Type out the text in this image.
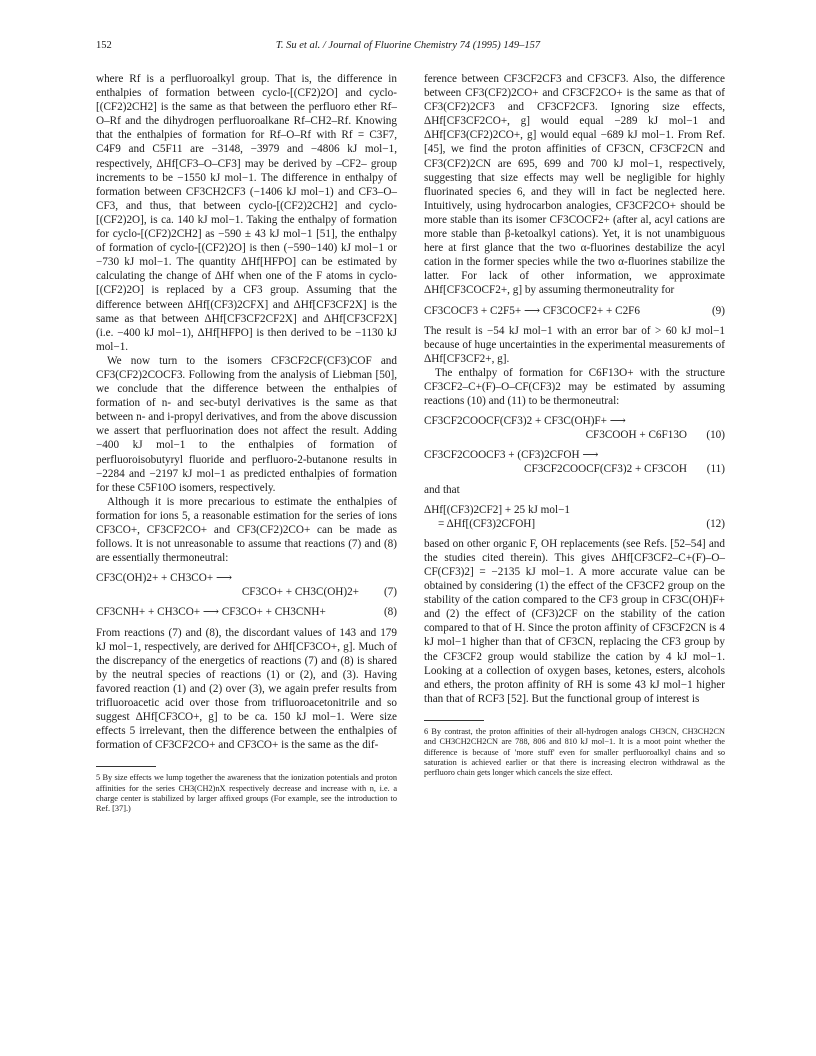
152	T. Su et al. / Journal of Fluorine Chemistry 74 (1995) 149–157

where Rf is a perfluoroalkyl group. That is, the difference in enthalpies of formation between cyclo-[(CF2)2O] and cyclo-[(CF2)2CH2] is the same as that between the perfluoro ether Rf–O–Rf and the dihydrogen perfluoroalkane Rf–CH2–Rf. Knowing that the enthalpies of formation for Rf–O–Rf with Rf = C3F7, C4F9 and C5F11 are −3148, −3979 and −4806 kJ mol−1, respectively, ΔHf[CF3–O–CF3] may be derived by –CF2– group increments to be −1550 kJ mol−1. The difference in enthalpy of formation between CF3CH2CF3 (−1406 kJ mol−1) and CF3–O–CF3, and thus, that between cyclo-[(CF2)2CH2] and cyclo-[(CF2)2O], is ca. 140 kJ mol−1. Taking the enthalpy of formation for cyclo-[(CF2)2CH2] as −590 ± 43 kJ mol−1 [51], the enthalpy of formation of cyclo-[(CF2)2O] is then (−590−140) kJ mol−1 or −730 kJ mol−1. The quantity ΔHf[HFPO] can be estimated by calculating the change of ΔHf when one of the F atoms in cyclo-[(CF2)2O] is replaced by a CF3 group. Assuming that the difference between ΔHf[(CF3)2CFX] and ΔHf[CF3CF2X] is the same as that between ΔHf[CF3CF2CF2X] and ΔHf[CF3CF2X] (i.e. −400 kJ mol−1), ΔHf[HFPO] is then derived to be −1130 kJ mol−1.

We now turn to the isomers CF3CF2CF(CF3)COF and CF3(CF2)2COCF3. Following from the analysis of Liebman [50], we conclude that the difference between the enthalpies of formation of n- and sec-butyl derivatives is the same as that between n- and i-propyl derivatives, and from the above discussion we assert that perfluorination does not affect the result. Adding −400 kJ mol−1 to the enthalpies of formation of perfluoroisobutyryl fluoride and perfluoro-2-butanone results in −2284 and −2197 kJ mol−1 as predicted enthalpies of formation for these C5F10O isomers, respectively.

Although it is more precarious to estimate the enthalpies of formation for ions 5, a reasonable estimation for the series of ions CF3CO+, CF3CF2CO+ and CF3(CF2)2CO+ can be made as follows. It is not unreasonable to assume that reactions (7) and (8) are essentially thermoneutral:

CF3C(OH)2+ + CH3CO+ ⟶
CF3CO+ + CH3C(OH)2+	(7)
CF3CNH+ + CH3CO+ ⟶ CF3CO+ + CH3CNH+	(8)

From reactions (7) and (8), the discordant values of 143 and 179 kJ mol−1, respectively, are derived for ΔHf[CF3CO+, g]. Much of the discrepancy of the energetics of reactions (7) and (8) is shared by the neutral species of reactions (1) or (2), and (3). Having favored reaction (1) and (2) over (3), we again prefer results from trifluoroacetic acid over those from trifluoroacetonitrile and so suggest ΔHf[CF3CO+, g] to be ca. 150 kJ mol−1. Were size effects 5 irrelevant, then the difference between the enthalpies of formation of CF3CF2CO+ and CF3CO+ is the same as the dif-

5 By size effects we lump together the awareness that the ionization potentials and proton affinities for the series CH3(CH2)nX respectively decrease and increase with n, i.e. a charge center is stabilized by larger affixed groups (For example, see the introduction to Ref. [37].)

ference between CF3CF2CF3 and CF3CF3. Also, the difference between CF3(CF2)2CO+ and CF3CF2CO+ is the same as that of CF3(CF2)2CF3 and CF3CF2CF3. Ignoring size effects, ΔHf[CF3CF2CO+, g] would equal −289 kJ mol−1 and ΔHf[CF3(CF2)2CO+, g] would equal −689 kJ mol−1. From Ref. [45], we find the proton affinities of CF3CN, CF3CF2CN and CF3(CF2)2CN are 695, 699 and 700 kJ mol−1, respectively, suggesting that size effects may well be negligible for highly fluorinated species 6, and they will in fact be neglected here. Intuitively, using hydrocarbon analogies, CF3CF2CO+ should be more stable than its isomer CF3COCF2+ (after al, acyl cations are more stable than β-ketoalkyl cations). Yet, it is not unambiguous here at first glance that the two α-fluorines destabilize the acyl cation in the former species while the two α-fluorines stabilize the latter. For lack of other information, we approximate ΔHf[CF3COCF2+, g] by assuming thermoneutrality for

CF3COCF3 + C2F5+ ⟶ CF3COCF2+ + C2F6	(9)

The result is −54 kJ mol−1 with an error bar of > 60 kJ mol−1 because of huge uncertainties in the experimental measurements of ΔHf[CF3CF2+, g].

The enthalpy of formation for C6F13O+ with the structure CF3CF2–C+(F)–O–CF(CF3)2 may be estimated by assuming reactions (10) and (11) to be thermoneutral:

CF3CF2COOCF(CF3)2 + CF3C(OH)F+ ⟶
CF3COOH + C6F13O	(10)
CF3CF2COOCF3 + (CF3)2CFOH ⟶
CF3CF2COOCF(CF3)2 + CF3COH	(11)

and that

ΔHf[(CF3)2CF2] + 25 kJ mol−1
= ΔHf[(CF3)2CFOH]	(12)

based on other organic F, OH replacements (see Refs. [52–54] and the studies cited therein). This gives ΔHf[CF3CF2–C+(F)–O–CF(CF3)2] = −2135 kJ mol−1. A more accurate value can be obtained by considering (1) the effect of the CF3CF2 group on the stability of the cation compared to the CF3 group in CF3C(OH)F+ and (2) the effect of (CF3)2CF on the stability of the cation compared to that of H. Since the proton affinity of CF3CF2CN is 4 kJ mol−1 higher than that of CF3CN, replacing the CF3 group by the CF3CF2 group would stabilize the cation by 4 kJ mol−1. Looking at a collection of oxygen bases, ketones, esters, alcohols and ethers, the proton affinity of RH is some 43 kJ mol−1 higher than that of RCF3 [52]. But the functional group of interest is

6 By contrast, the proton affinities of their all-hydrogen analogs CH3CN, CH3CH2CN and CH3CH2CH2CN are 788, 806 and 810 kJ mol−1. It is a moot point whether the difference is because of 'more stuff' even for smaller perfluoroalkyl chains and so saturation is achieved earlier or that there is increasing electron withdrawal as the perfluoro chain gets longer which cancels the size effect.
